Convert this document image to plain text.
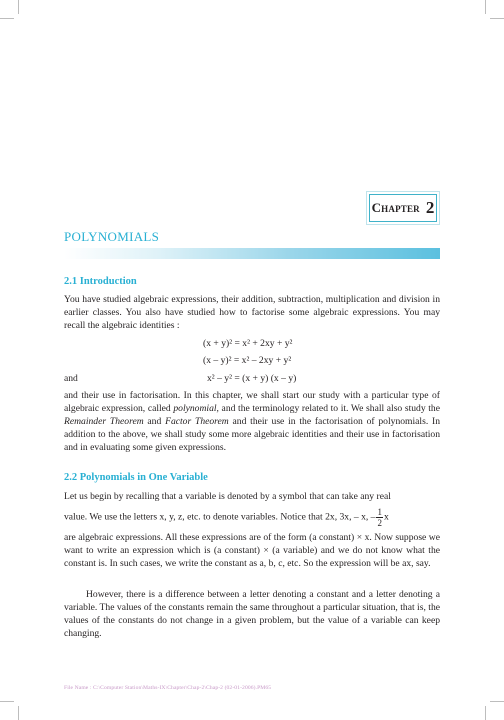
Chapter 2
POLYNOMIALS
2.1 Introduction

You have studied algebraic expressions, their addition, subtraction, multiplication and division in earlier classes. You also have studied how to factorise some algebraic expressions. You may recall the algebraic identities :

(x + y)² = x² + 2xy + y²
(x – y)² = x² – 2xy + y²
and	x² – y² = (x + y) (x – y)

and their use in factorisation. In this chapter, we shall start our study with a particular type of algebraic expression, called polynomial, and the terminology related to it. We shall also study the Remainder Theorem and Factor Theorem and their use in the factorisation of polynomials. In addition to the above, we shall study some more algebraic identities and their use in factorisation and in evaluating some given expressions.

2.2 Polynomials in One Variable
Let us begin by recalling that a variable is denoted by a symbol that can take any real
value. We use the letters x, y, z, etc. to denote variables. Notice that 2x, 3x, – x, – $\frac{1}{2}$ x

are algebraic expressions. All these expressions are of the form (a constant) × x. Now suppose we want to write an expression which is (a constant) × (a variable) and we do not know what the constant is. In such cases, we write the constant as a, b, c, etc. So the expression will be ax, say.

However, there is a difference between a letter denoting a constant and a letter denoting a variable. The values of the constants remain the same throughout a particular situation, that is, the values of the constants do not change in a given problem, but the value of a variable can keep changing.

File Name : C:\Computer Station\Maths-IX\Chapter\Chap-2\Chap-2 (02-01-2006).PM65
